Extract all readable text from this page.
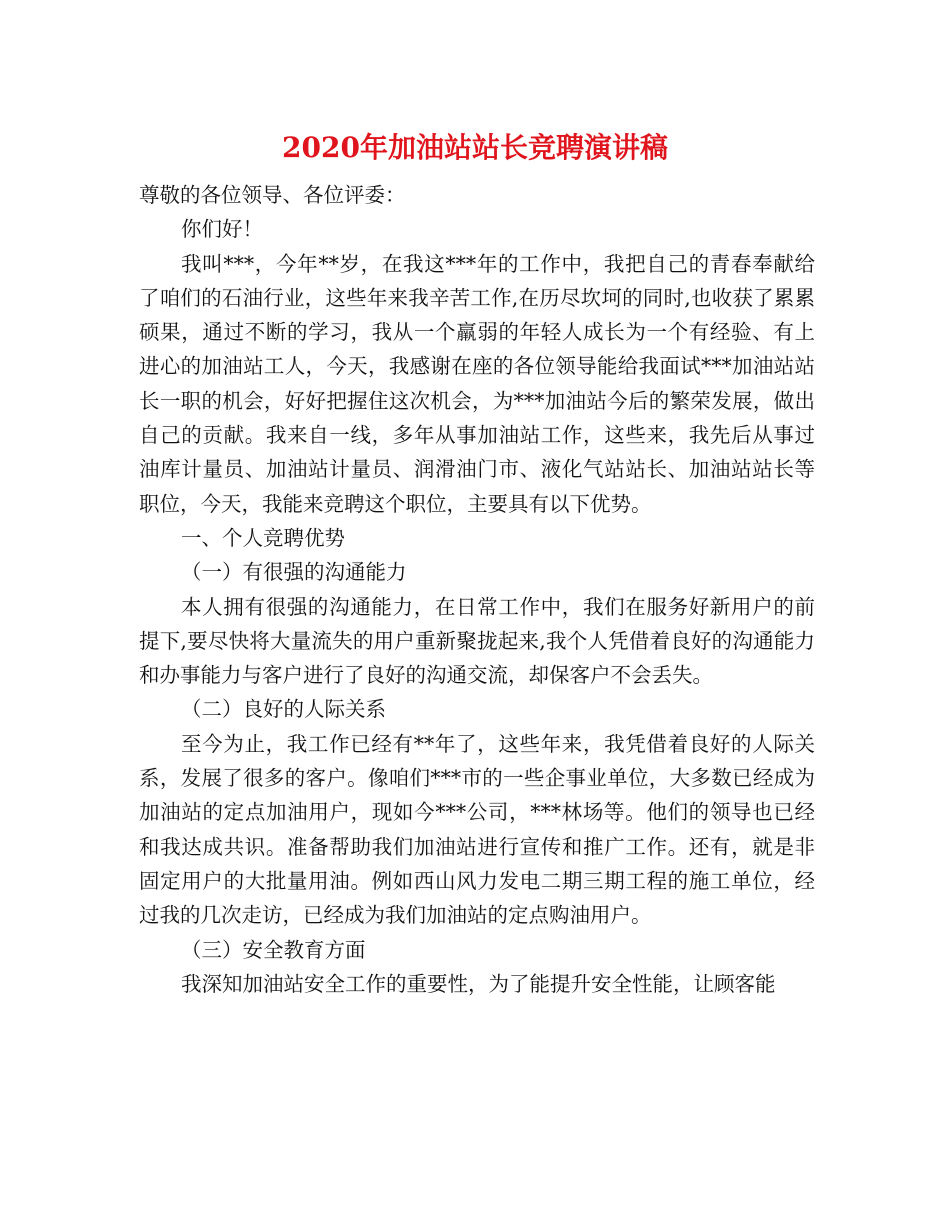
2020年加油站站长竞聘演讲稿

尊敬的各位领导、各位评委：

你们好！

我叫***，今年**岁，在我这***年的工作中，我把自己的青春奉献给了咱们的石油行业，这些年来我辛苦工作,在历尽坎坷的同时,也收获了累累硕果，通过不断的学习，我从一个羸弱的年轻人成长为一个有经验、有上进心的加油站工人，今天，我感谢在座的各位领导能给我面试***加油站站长一职的机会，好好把握住这次机会，为***加油站今后的繁荣发展，做出自己的贡献。我来自一线，多年从事加油站工作，这些来，我先后从事过油库计量员、加油站计量员、润滑油门市、液化气站站长、加油站站长等职位，今天，我能来竞聘这个职位，主要具有以下优势。

一、个人竞聘优势

（一）有很强的沟通能力

本人拥有很强的沟通能力，在日常工作中，我们在服务好新用户的前提下,要尽快将大量流失的用户重新聚拢起来,我个人凭借着良好的沟通能力和办事能力与客户进行了良好的沟通交流，却保客户不会丢失。

（二）良好的人际关系

至今为止，我工作已经有**年了，这些年来，我凭借着良好的人际关系，发展了很多的客户。像咱们***市的一些企事业单位，大多数已经成为加油站的定点加油用户，现如今***公司，***林场等。他们的领导也已经和我达成共识。准备帮助我们加油站进行宣传和推广工作。还有，就是非固定用户的大批量用油。例如西山风力发电二期三期工程的施工单位，经过我的几次走访，已经成为我们加油站的定点购油用户。

（三）安全教育方面

我深知加油站安全工作的重要性，为了能提升安全性能，让顾客能
